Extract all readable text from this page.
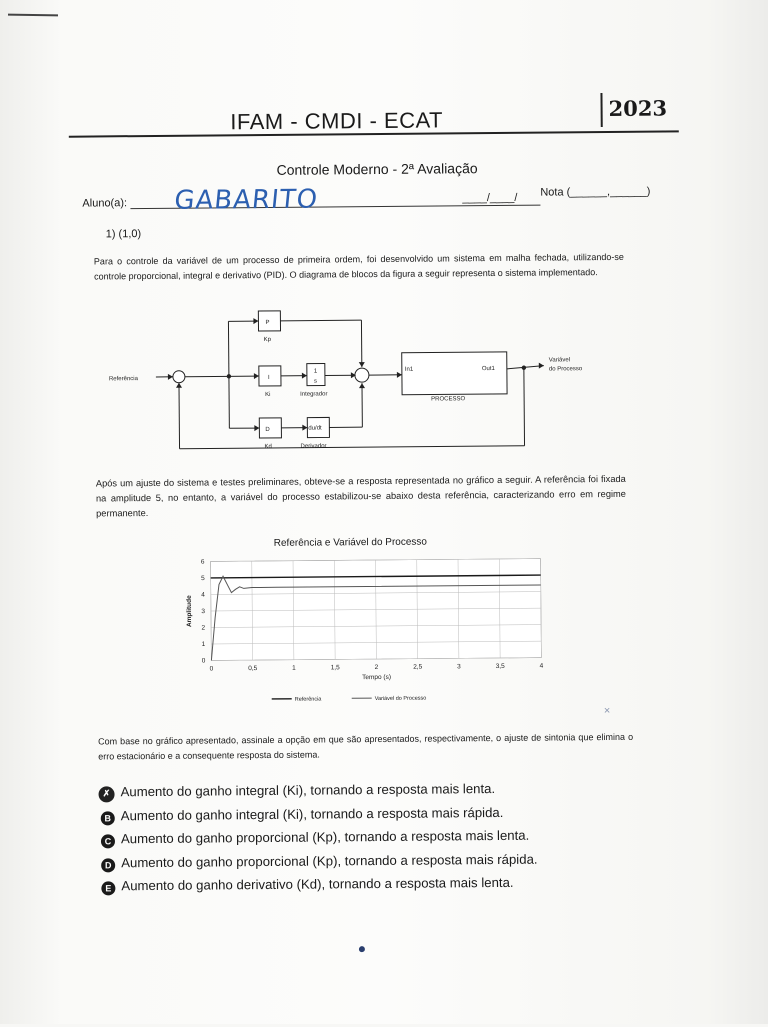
IFAM - CMDI - ECAT	2023
Controle Moderno - 2ª Avaliação
Aluno(a): GABARITO	____/____/ Nota (______,______)
1) (1,0)
Para o controle da variável de um processo de primeira ordem, foi desenvolvido um sistema em malha fechada, utilizando-se controle proporcional, integral e derivativo (PID). O diagrama de blocos da figura a seguir representa o sistema implementado.
Referência
Variável
do Processo
P
Kp
I
Ki
D
Kd
1
s
Integrador
du/dt
Derivador
In1	Out1
PROCESSO
Após um ajuste do sistema e testes preliminares, obteve-se a resposta representada no gráfico a seguir. A referência foi fixada na amplitude 5, no entanto, a variável do processo estabilizou-se abaixo desta referência, caracterizando erro em regime permanente.
Referência e Variável do Processo
0	0,5	1	1,5	2	2,5	3	3,5	4
0
1
2
3
4
5
6
Tempo (s)
Amplitude
Referência	Variável do Processo
Com base no gráfico apresentado, assinale a opção em que são apresentados, respectivamente, o ajuste de sintonia que elimina o erro estacionário e a consequente resposta do sistema.
✗ Aumento do ganho integral (Ki), tornando a resposta mais lenta.
B Aumento do ganho integral (Ki), tornando a resposta mais rápida.
C Aumento do ganho proporcional (Kp), tornando a resposta mais lenta.
D Aumento do ganho proporcional (Kp), tornando a resposta mais rápida.
E Aumento do ganho derivativo (Kd), tornando a resposta mais lenta.
×
